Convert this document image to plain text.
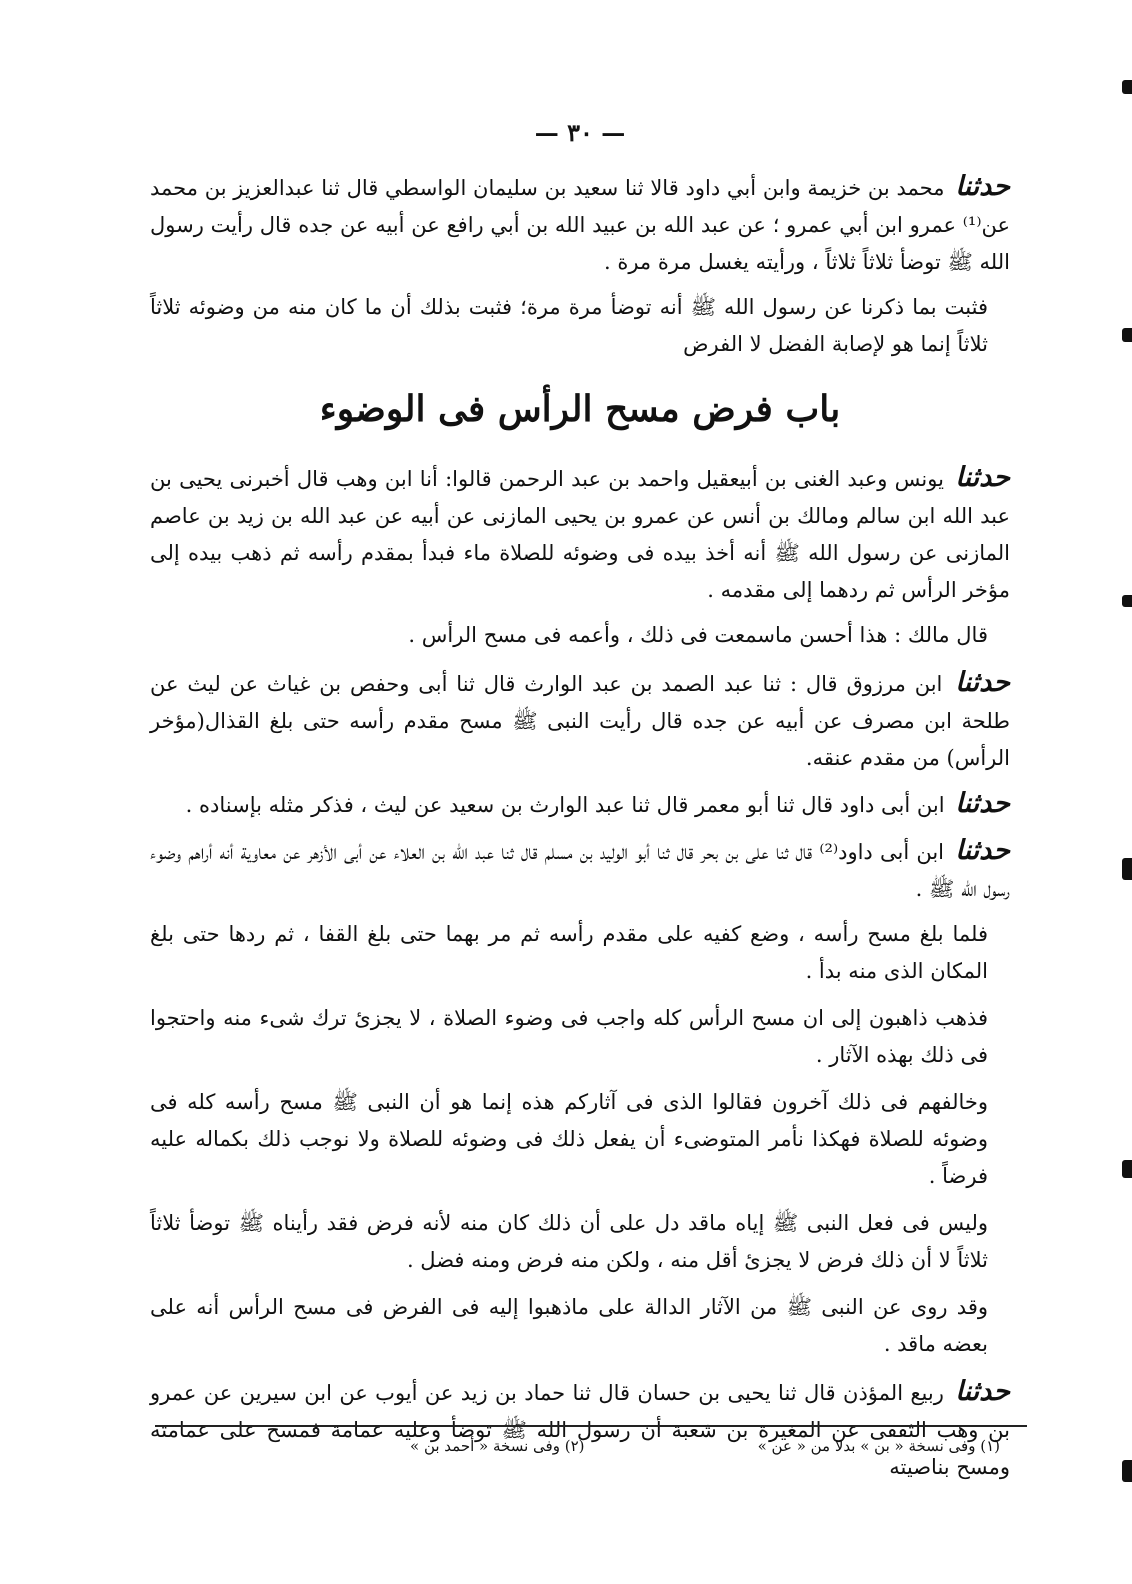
— ٣٠ —

حدثنا محمد بن خزيمة وابن أبي داود قالا ثنا سعيد بن سليمان الواسطي قال ثنا عبدالعزيز بن محمد عن⁽¹⁾ عمرو ابن أبي عمرو ؛ عن عبد الله بن عبيد الله بن أبي رافع عن أبيه عن جده قال رأيت رسول الله ﷺ توضأ ثلاثاً ثلاثاً ، ورأيته يغسل مرة مرة .

فثبت بما ذكرنا عن رسول الله ﷺ أنه توضأ مرة مرة؛ فثبت بذلك أن ما كان منه من وضوئه ثلاثاً ثلاثاً إنما هو لإصابة الفضل لا الفرض

باب فرض مسح الرأس فى الوضوء

حدثنا يونس وعبد الغنى بن أبيعقيل واحمد بن عبد الرحمن قالوا: أنا ابن وهب قال أخبرنى يحيى بن عبد الله ابن سالم ومالك بن أنس عن عمرو بن يحيى المازنى عن أبيه عن عبد الله بن زيد بن عاصم المازنى عن رسول الله ﷺ أنه أخذ بيده فى وضوئه للصلاة ماء فبدأ بمقدم رأسه ثم ذهب بيده إلى مؤخر الرأس ثم ردهما إلى مقدمه .

قال مالك : هذا أحسن ماسمعت فى ذلك ، وأعمه فى مسح الرأس .

حدثنا ابن مرزوق قال : ثنا عبد الصمد بن عبد الوارث قال ثنا أبى وحفص بن غياث عن ليث عن طلحة ابن مصرف عن أبيه عن جده قال رأيت النبى ﷺ مسح مقدم رأسه حتى بلغ القذال(مؤخر الرأس) من مقدم عنقه.

حدثنا ابن أبى داود قال ثنا أبو معمر قال ثنا عبد الوارث بن سعيد عن ليث ، فذكر مثله بإسناده .

حدثنا ابن أبى داود⁽²⁾ قال ثنا على بن بحر قال ثنا أبو الوليد بن مسلم قال ثنا عبد الله بن العلاء عن أبى الأزهر عن معاوية أنه أراهم وضوء رسول الله ﷺ .

فلما بلغ مسح رأسه ، وضع كفيه على مقدم رأسه ثم مر بهما حتى بلغ القفا ، ثم ردها حتى بلغ المكان الذى منه بدأ .

فذهب ذاهبون إلى ان مسح الرأس كله واجب فى وضوء الصلاة ، لا يجزئ ترك شىء منه واحتجوا فى ذلك بهذه الآثار .

وخالفهم فى ذلك آخرون فقالوا الذى فى آثاركم هذه إنما هو أن النبى ﷺ مسح رأسه كله فى وضوئه للصلاة فهكذا نأمر المتوضىء أن يفعل ذلك فى وضوئه للصلاة ولا نوجب ذلك بكماله عليه فرضاً .

وليس فى فعل النبى ﷺ إياه ماقد دل على أن ذلك كان منه لأنه فرض فقد رأيناه ﷺ توضأ ثلاثاً ثلاثاً لا أن ذلك فرض لا يجزئ أقل منه ، ولكن منه فرض ومنه فضل .

وقد روى عن النبى ﷺ من الآثار الدالة على ماذهبوا إليه فى الفرض فى مسح الرأس أنه على بعضه ماقد .

حدثنا ربيع المؤذن قال ثنا يحيى بن حسان قال ثنا حماد بن زيد عن أيوب عن ابن سيرين عن عمرو بن وهب الثقفى عن المغيرة بن شعبة أن رسول الله ﷺ توضأ وعليه عمامة فمسح على عمامته ومسح بناصيته

(١) وفى نسخة « بن » بدلا من « عن »
(٢) وفى نسخة « أحمد بن »
